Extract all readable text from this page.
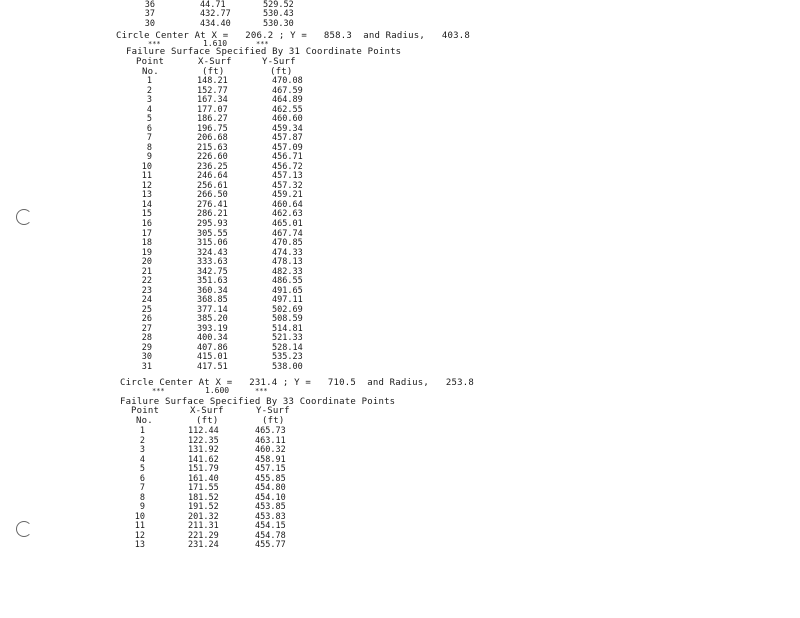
36	44.71	529.52
37	432.77	530.43
30	434.40	530.30
Circle Center At X =   206.2 ; Y =   858.3  and Radius,   403.8
***	1.610	***
Failure Surface Specified By 31 Coordinate Points
Point	X-Surf	Y-Surf
No.	(ft)	(ft)
1	148.21	470.08
2	152.77	467.59
3	167.34	464.89
4	177.07	462.55
5	186.27	460.60
6	196.75	459.34
7	206.68	457.87
8	215.63	457.09
9	226.60	456.71
10	236.25	456.72
11	246.64	457.13
12	256.61	457.32
13	266.50	459.21
14	276.41	460.64
15	286.21	462.63
16	295.93	465.01
17	305.55	467.74
18	315.06	470.85
19	324.43	474.33
20	333.63	478.13
21	342.75	482.33
22	351.63	486.55
23	360.34	491.65
24	368.85	497.11
25	377.14	502.69
26	385.20	508.59
27	393.19	514.81
28	400.34	521.33
29	407.86	528.14
30	415.01	535.23
31	417.51	538.00
Circle Center At X =   231.4 ; Y =   710.5  and Radius,   253.8
***	1.600	***
Failure Surface Specified By 33 Coordinate Points
Point	X-Surf	Y-Surf
No.	(ft)	(ft)
1	112.44	465.73
2	122.35	463.11
3	131.92	460.32
4	141.62	458.91
5	151.79	457.15
6	161.40	455.85
7	171.55	454.80
8	181.52	454.10
9	191.52	453.85
10	201.32	453.83
11	211.31	454.15
12	221.29	454.78
13	231.24	455.77
